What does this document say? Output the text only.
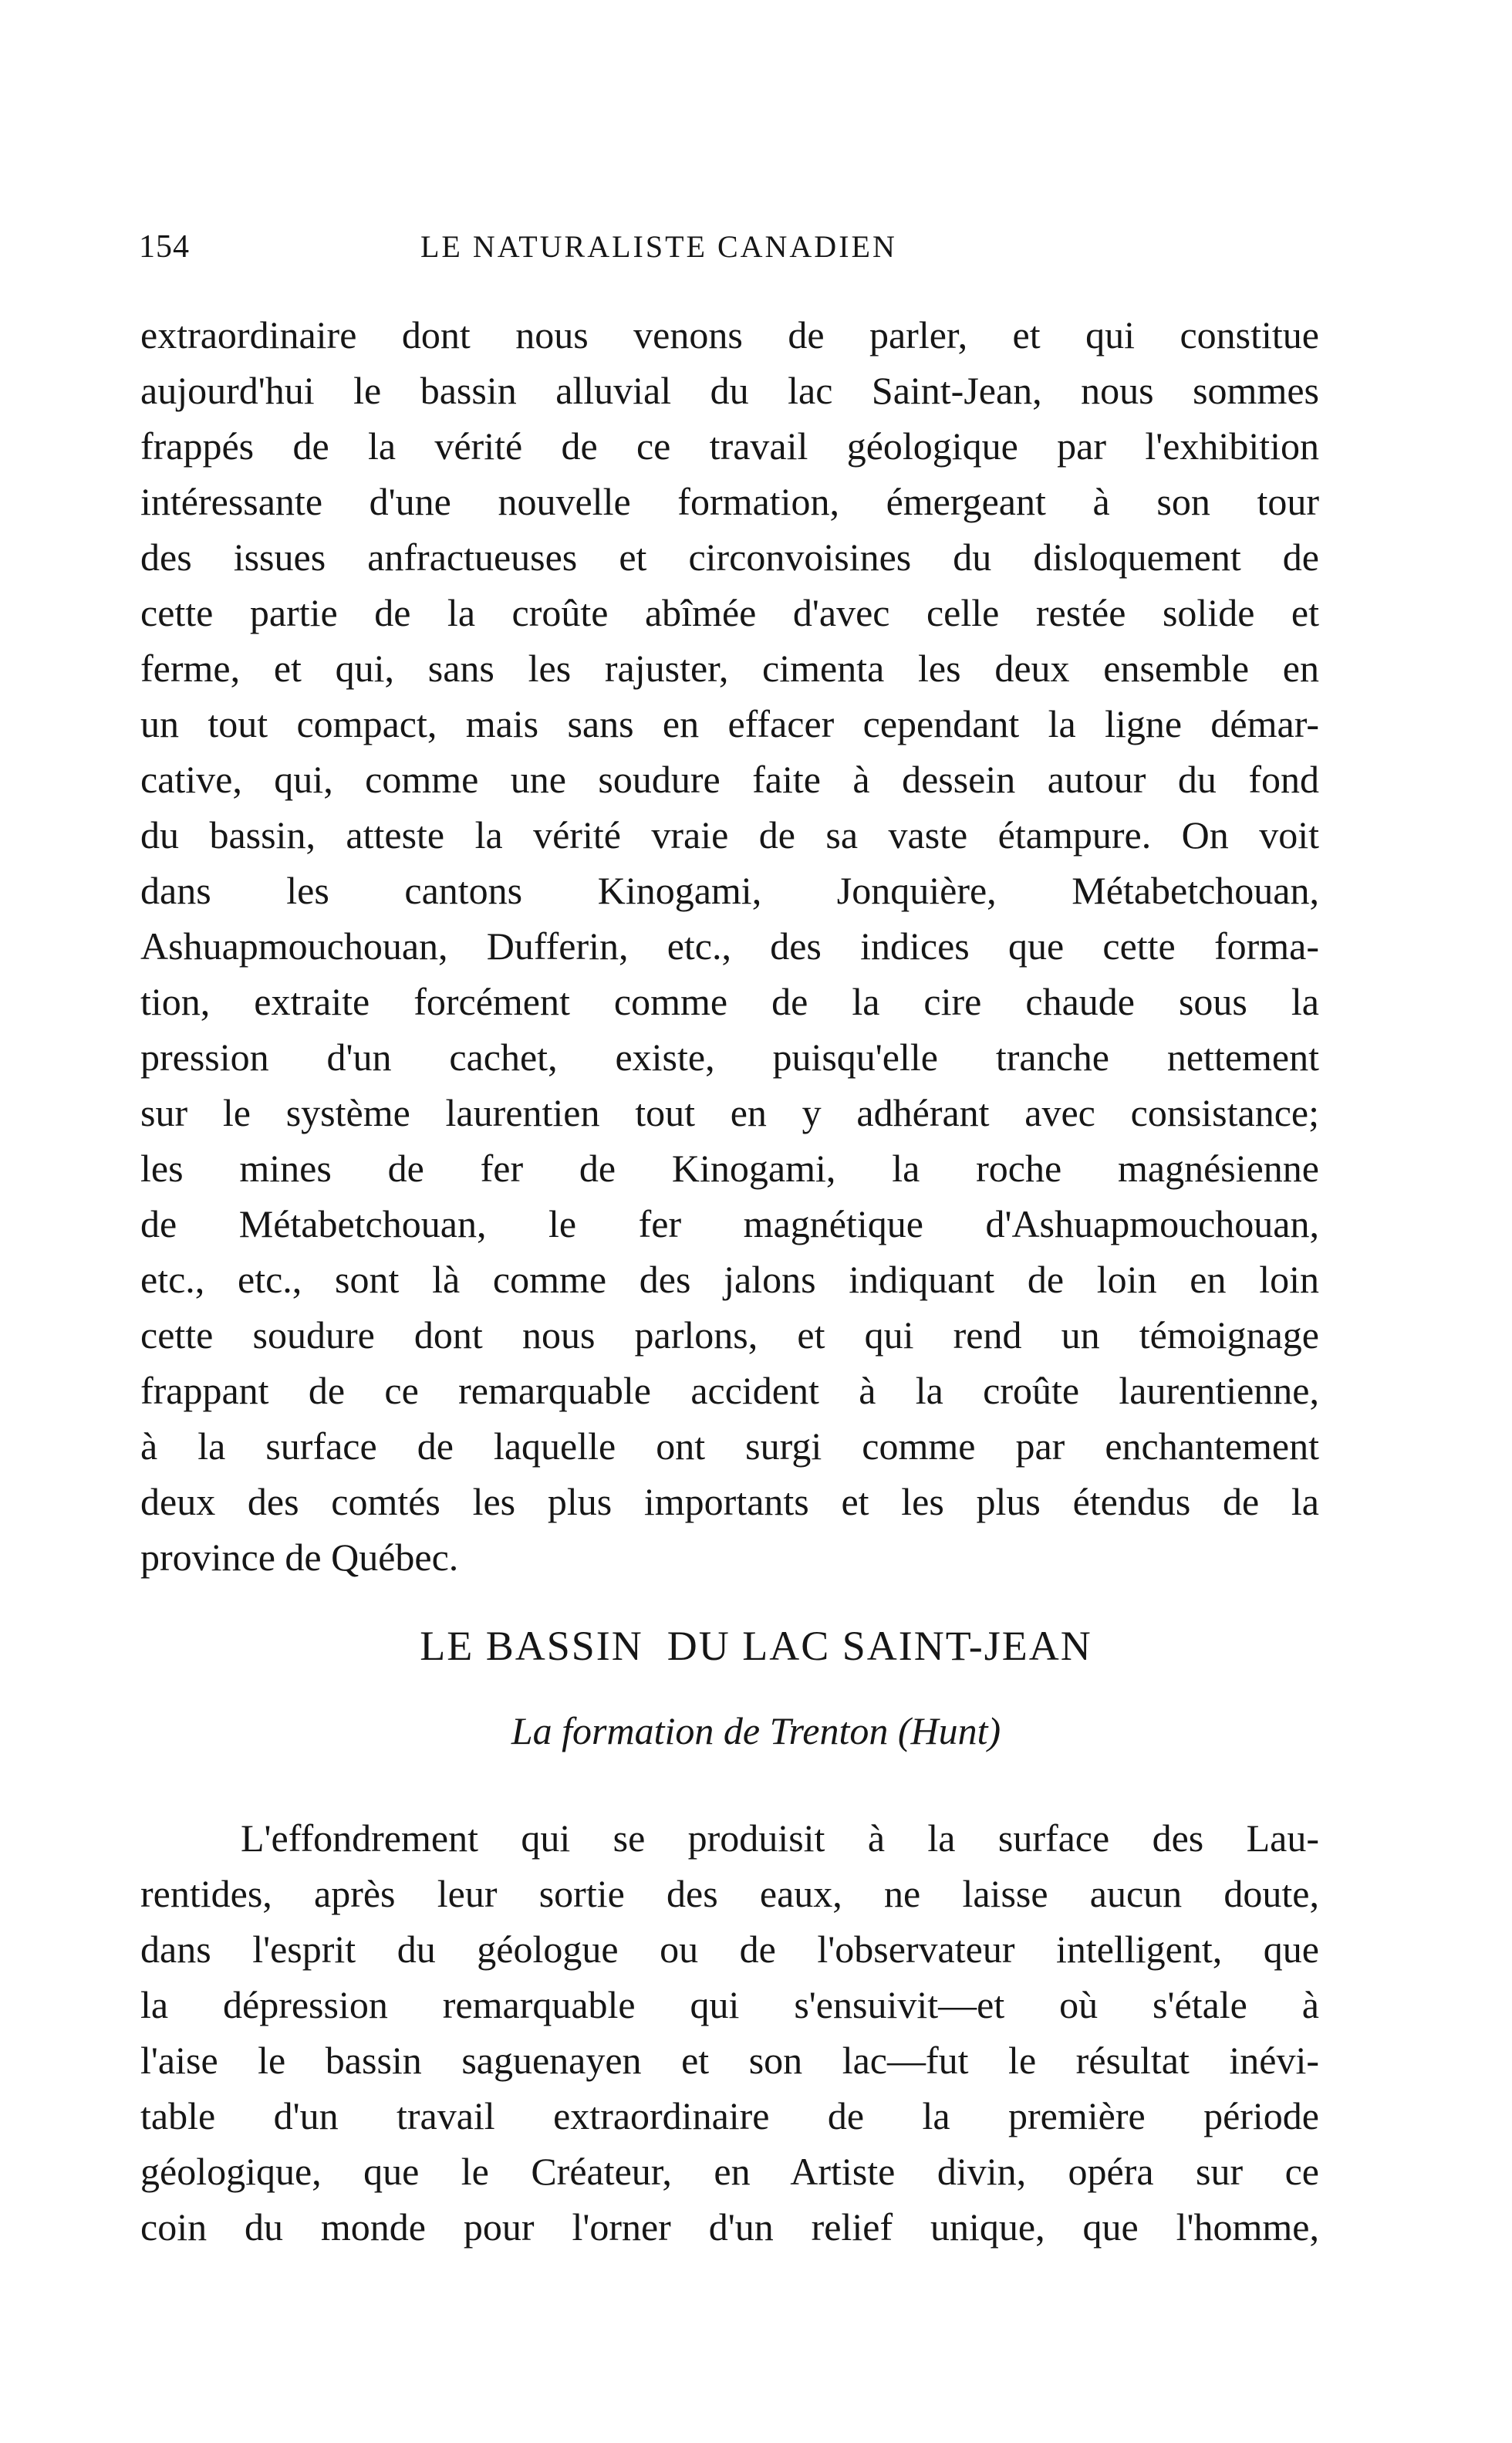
154	LE NATURALISTE CANADIEN
extraordinaire dont nous venons de parler, et qui constitue
aujourd'hui le bassin alluvial du lac Saint-Jean, nous sommes
frappés de la vérité de ce travail géologique par l'exhibition
intéressante d'une nouvelle formation, émergeant à son tour
des issues anfractueuses et circonvoisines du disloquement de
cette partie de la croûte abîmée d'avec celle restée solide et
ferme, et qui, sans les rajuster, cimenta les deux ensemble en
un tout compact, mais sans en effacer cependant la ligne démar-
cative, qui, comme une soudure faite à dessein autour du fond
du bassin, atteste la vérité vraie de sa vaste étampure. On voit
dans les cantons Kinogami, Jonquière, Métabetchouan,
Ashuapmouchouan, Dufferin, etc., des indices que cette forma-
tion, extraite forcément comme de la cire chaude sous la
pression d'un cachet, existe, puisqu'elle tranche nettement
sur le système laurentien tout en y adhérant avec consistance;
les mines de fer de Kinogami, la roche magnésienne
de Métabetchouan, le fer magnétique d'Ashuapmouchouan,
etc., etc., sont là comme des jalons indiquant de loin en loin
cette soudure dont nous parlons, et qui rend un témoignage
frappant de ce remarquable accident à la croûte laurentienne,
à la surface de laquelle ont surgi comme par enchantement
deux des comtés les plus importants et les plus étendus de la
province de Québec.
LE BASSIN  DU LAC SAINT-JEAN
La formation de Trenton (Hunt)
L'effondrement qui se produisit à la surface des Lau-
rentides, après leur sortie des eaux, ne laisse aucun doute,
dans l'esprit du géologue ou de l'observateur intelligent, que
la dépression remarquable qui s'ensuivit—et où s'étale à
l'aise le bassin saguenayen et son lac—fut le résultat inévi-
table d'un travail extraordinaire de la première période
géologique, que le Créateur, en Artiste divin, opéra sur ce
coin du monde pour l'orner d'un relief unique, que l'homme,
